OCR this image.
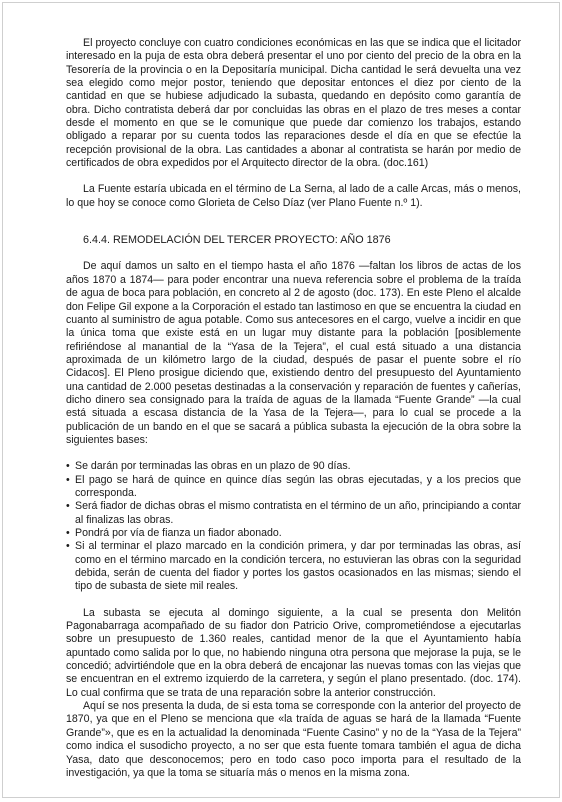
El proyecto concluye con cuatro condiciones económicas en las que se indica que el licitador interesado en la puja de esta obra deberá presentar el uno por ciento del precio de la obra en la Tesorería de la provincia o en la Depositaría municipal. Dicha cantidad le será devuelta una vez sea elegido como mejor postor, teniendo que depositar entonces el diez por ciento de la cantidad en que se hubiese adjudicado la subasta, quedando en depósito como garantía de obra. Dicho contratista deberá dar por concluidas las obras en el plazo de tres meses a contar desde el momento en que se le comunique que puede dar comienzo los trabajos, estando obligado a reparar por su cuenta todos las reparaciones desde el día en que se efectúe la recepción provisional de la obra. Las cantidades a abonar al contratista se harán por medio de certificados de obra expedidos por el Arquitecto director de la obra. (doc.161)

La Fuente estaría ubicada en el término de La Serna, al lado de a calle Arcas, más o menos, lo que hoy se conoce como Glorieta de Celso Díaz (ver Plano Fuente n.º 1).

6.4.4. REMODELACIÓN DEL TERCER PROYECTO: AÑO 1876

De aquí damos un salto en el tiempo hasta el año 1876 —faltan los libros de actas de los años 1870 a 1874— para poder encontrar una nueva referencia sobre el problema de la traída de agua de boca para población, en concreto al 2 de agosto (doc. 173). En este Pleno el alcalde don Felipe Gil expone a la Corporación el estado tan lastimoso en que se encuentra la ciudad en cuanto al suministro de agua potable. Como sus antecesores en el cargo, vuelve a incidir en que la única toma que existe está en un lugar muy distante para la población [posiblemente refiriéndose al manantial de la “Yasa de la Tejera”, el cual está situado a una distancia aproximada de un kilómetro largo de la ciudad, después de pasar el puente sobre el río Cidacos]. El Pleno prosigue diciendo que, existiendo dentro del presupuesto del Ayuntamiento una cantidad de 2.000 pesetas destinadas a la conservación y reparación de fuentes y cañerías, dicho dinero sea consignado para la traída de aguas de la llamada “Fuente Grande” —la cual está situada a escasa distancia de la Yasa de la Tejera—, para lo cual se procede a la publicación de un bando en el que se sacará a pública subasta la ejecución de la obra sobre la siguientes bases:

• Se darán por terminadas las obras en un plazo de 90 días.
• El pago se hará de quince en quince días según las obras ejecutadas, y a los precios que corresponda.
• Será fiador de dichas obras el mismo contratista en el término de un año, principiando a contar al finalizas las obras.
• Pondrá por vía de fianza un fiador abonado.
• Si al terminar el plazo marcado en la condición primera, y dar por terminadas las obras, así como en el término marcado en la condición tercera, no estuvieran las obras con la seguridad debida, serán de cuenta del fiador y portes los gastos ocasionados en las mismas; siendo el tipo de subasta de siete mil reales.

La subasta se ejecuta al domingo siguiente, a la cual se presenta don Melitón Pagonabarraga acompañado de su fiador don Patricio Orive, comprometiéndose a ejecutarlas sobre un presupuesto de 1.360 reales, cantidad menor de la que el Ayuntamiento había apuntado como salida por lo que, no habiendo ninguna otra persona que mejorase la puja, se le concedió; advirtiéndole que en la obra deberá de encajonar las nuevas tomas con las viejas que se encuentran en el extremo izquierdo de la carretera, y según el plano presentado. (doc. 174). Lo cual confirma que se trata de una reparación sobre la anterior construcción.

Aquí se nos presenta la duda, de si esta toma se corresponde con la anterior del proyecto de 1870, ya que en el Pleno se menciona que «la traída de aguas se hará de la llamada “Fuente Grande”», que es en la actualidad la denominada “Fuente Casino” y no de la “Yasa de la Tejera” como indica el susodicho proyecto, a no ser que esta fuente tomara también el agua de dicha Yasa, dato que desconocemos; pero en todo caso poco importa para el resultado de la investigación, ya que la toma se situaría más o menos en la misma zona.
